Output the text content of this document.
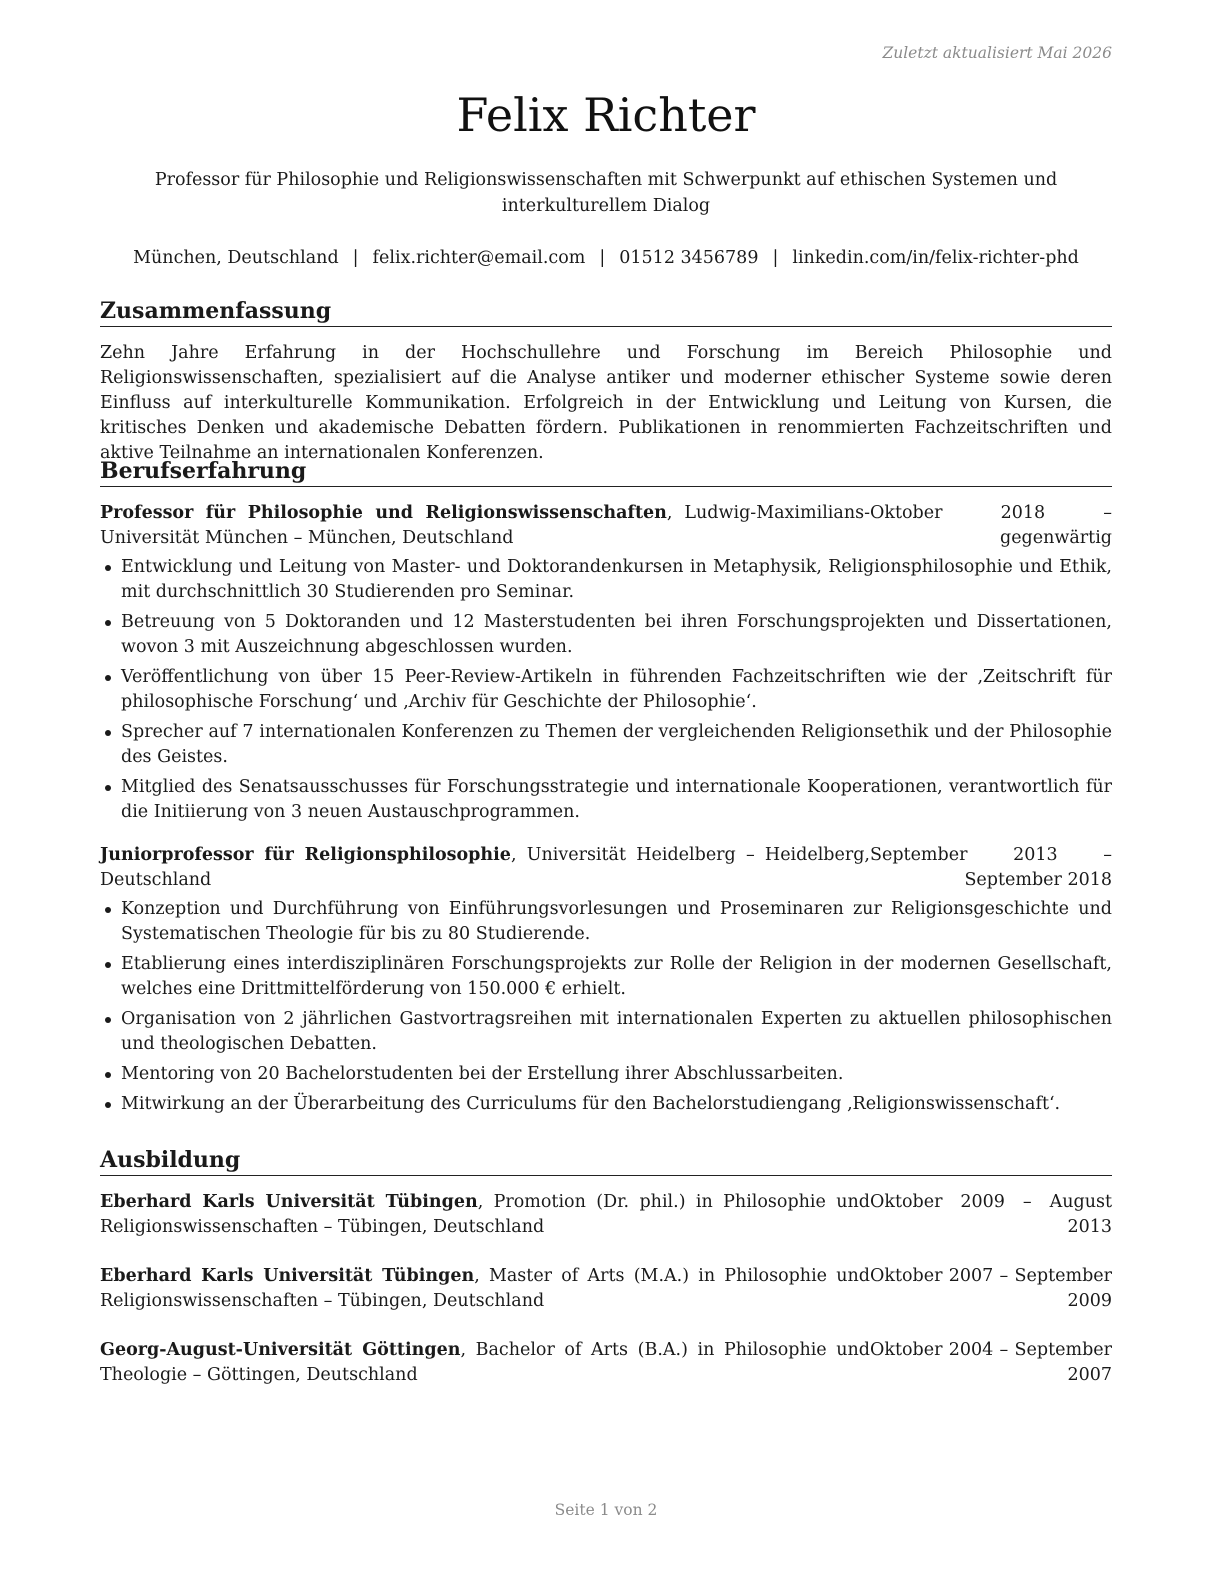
Zuletzt aktualisiert Mai 2026
Felix Richter
Professor für Philosophie und Religionswissenschaften mit Schwerpunkt auf ethischen Systemen und interkulturellem Dialog
München, Deutschland | felix.richter@email.com | 01512 3456789 | linkedin.com/in/felix-richter-phd
Zusammenfassung

Zehn Jahre Erfahrung in der Hochschullehre und Forschung im Bereich Philosophie und Religionswissenschaften, spezialisiert auf die Analyse antiker und moderner ethischer Systeme sowie deren Einfluss auf interkulturelle Kommunikation. Erfolgreich in der Entwicklung und Leitung von Kursen, die kritisches Denken und akademische Debatten fördern. Publikationen in renommierten Fachzeitschriften und aktive Teilnahme an internationalen Konferenzen.

Berufserfahrung
Professor für Philosophie und Religionswissenschaften, Ludwig-Maximilians-Universität München – München, Deutschland
Oktober 2018 – gegenwärtig
Entwicklung und Leitung von Master- und Doktorandenkursen in Metaphysik, Religionsphilosophie und Ethik, mit durchschnittlich 30 Studierenden pro Seminar.
Betreuung von 5 Doktoranden und 12 Masterstudenten bei ihren Forschungsprojekten und Dissertationen, wovon 3 mit Auszeichnung abgeschlossen wurden.
Veröffentlichung von über 15 Peer-Review-Artikeln in führenden Fachzeitschriften wie der ‚Zeitschrift für philosophische Forschung‘ und ‚Archiv für Geschichte der Philosophie‘.
Sprecher auf 7 internationalen Konferenzen zu Themen der vergleichenden Religionsethik und der Philosophie des Geistes.
Mitglied des Senatsausschusses für Forschungsstrategie und internationale Kooperationen, verantwortlich für die Initiierung von 3 neuen Austauschprogrammen.
Juniorprofessor für Religionsphilosophie, Universität Heidelberg – Heidelberg, Deutschland
September 2013 – September 2018
Konzeption und Durchführung von Einführungsvorlesungen und Proseminaren zur Religionsgeschichte und Systematischen Theologie für bis zu 80 Studierende.
Etablierung eines interdisziplinären Forschungsprojekts zur Rolle der Religion in der modernen Gesellschaft, welches eine Drittmittelförderung von 150.000 € erhielt.
Organisation von 2 jährlichen Gastvortragsreihen mit internationalen Experten zu aktuellen philosophischen und theologischen Debatten.
Mentoring von 20 Bachelorstudenten bei der Erstellung ihrer Abschlussarbeiten.
Mitwirkung an der Überarbeitung des Curriculums für den Bachelorstudiengang ‚Religionswissenschaft‘.
Ausbildung
Eberhard Karls Universität Tübingen, Promotion (Dr. phil.) in Philosophie und Religionswissenschaften – Tübingen, Deutschland
Oktober 2009 – August 2013
Eberhard Karls Universität Tübingen, Master of Arts (M.A.) in Philosophie und Religionswissenschaften – Tübingen, Deutschland
Oktober 2007 – September 2009
Georg-August-Universität Göttingen, Bachelor of Arts (B.A.) in Philosophie und Theologie – Göttingen, Deutschland
Oktober 2004 – September 2007
Seite 1 von 2
